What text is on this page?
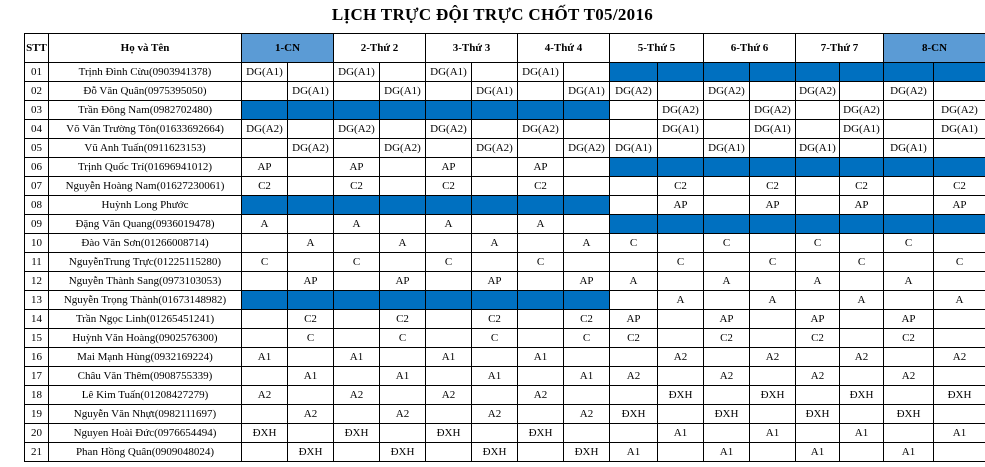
LỊCH TRỰC ĐỘI TRỰC CHỐT T05/2016
STT	Họ và Tên	1-CN		2-Thứ 2		3-Thứ 3		4-Thứ 4		5-Thứ 5		6-Thứ 6		7-Thứ 7		8-CN	
01	Trịnh Đình Cừu(0903941378)	DG(A1)		DG(A1)		DG(A1)		DG(A1)									
02	Đỗ Văn Quân(0975395050)		DG(A1)		DG(A1)		DG(A1)		DG(A1)	DG(A2)		DG(A2)		DG(A2)		DG(A2)	
03	Trần Đông Nam(0982702480)										DG(A2)		DG(A2)		DG(A2)		DG(A2)
04	Võ Văn Trường Tôn(01633692664)	DG(A2)		DG(A2)		DG(A2)		DG(A2)			DG(A1)		DG(A1)		DG(A1)		DG(A1)
05	Vũ Anh Tuấn(0911623153)		DG(A2)		DG(A2)		DG(A2)		DG(A2)	DG(A1)		DG(A1)		DG(A1)		DG(A1)	
06	Trịnh Quốc Trí(01696941012)	AP		AP		AP		AP									
07	Nguyễn Hoàng Nam(01627230061)	C2		C2		C2		C2			C2		C2		C2		C2
08	Huỳnh Long Phước										AP		AP		AP		AP
09	Đặng Văn Quang(0936019478)	A		A		A		A									
10	Đào Văn Sơn(01266008714)		A		A		A		A	C		C		C		C	
11	NguyễnTrung Trực(01225115280)	C		C		C		C			C		C		C		C
12	Nguyễn Thành Sang(0973103053)		AP		AP		AP		AP	A		A		A		A	
13	Nguyễn Trọng Thành(01673148982)										A		A		A		A
14	Trần Ngọc Linh(01265451241)		C2		C2		C2		C2	AP		AP		AP		AP	
15	Huỳnh Văn Hoàng(0902576300)		C		C		C		C	C2		C2		C2		C2	
16	Mai Mạnh Hùng(0932169224)	A1		A1		A1		A1			A2		A2		A2		A2
17	Châu Văn Thêm(0908755339)		A1		A1		A1		A1	A2		A2		A2		A2	
18	Lê Kim Tuấn(01208427279)	A2		A2		A2		A2			ĐXH		ĐXH		ĐXH		ĐXH
19	Nguyễn Văn Nhựt(09821116​97)		A2		A2		A2		A2	ĐXH		ĐXH		ĐXH		ĐXH	
20	Nguyen Hoài Đức(0976654494)	ĐXH		ĐXH		ĐXH		ĐXH			A1		A1		A1		A1
21	Phan Hồng Quân(0909048024)		ĐXH		ĐXH		ĐXH		ĐXH	A1		A1		A1		A1	
